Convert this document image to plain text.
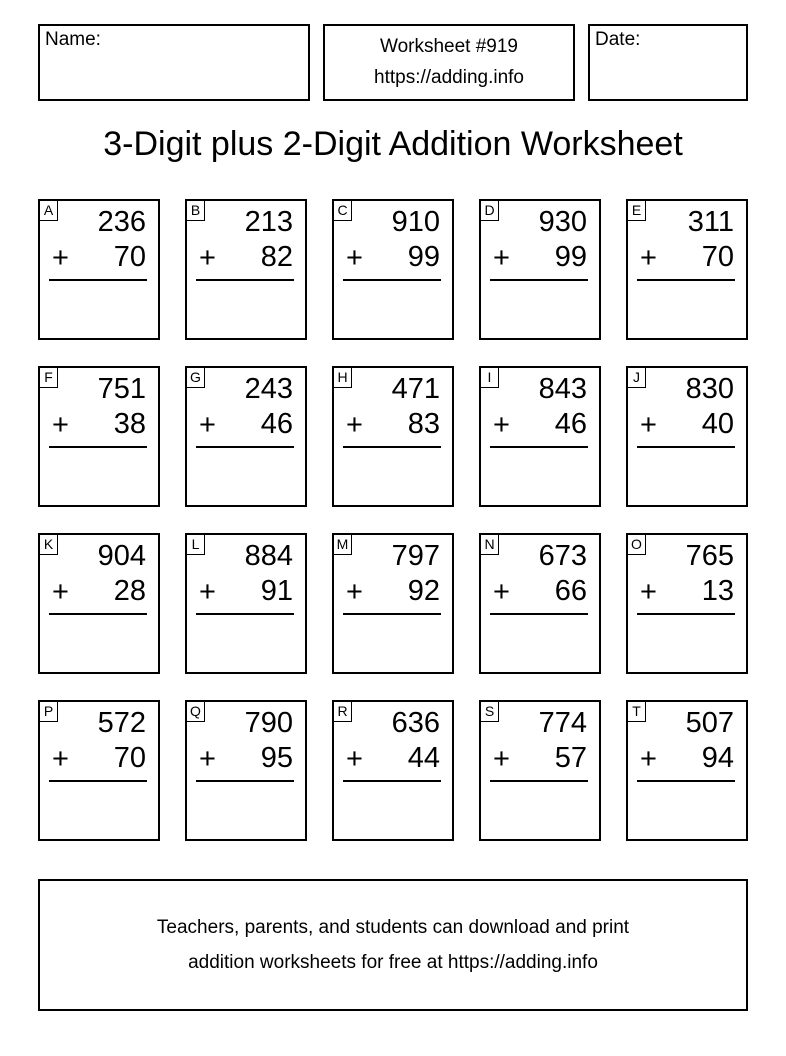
Name:	Worksheet #919
https://adding.info
Date:
3-Digit plus 2-Digit Addition Worksheet
A 236
+ 70
B 213
+ 82
C 910
+ 99
D 930
+ 99
E 311
+ 70
F 751
+ 38
G 243
+ 46
H 471
+ 83
I 843
+ 46
J 830
+ 40
K 904
+ 28
L 884
+ 91
M 797
+ 92
N 673
+ 66
O 765
+ 13
P 572
+ 70
Q 790
+ 95
R 636
+ 44
S 774
+ 57
T 507
+ 94
Teachers, parents, and students can download and print
addition worksheets for free at https://adding.info
